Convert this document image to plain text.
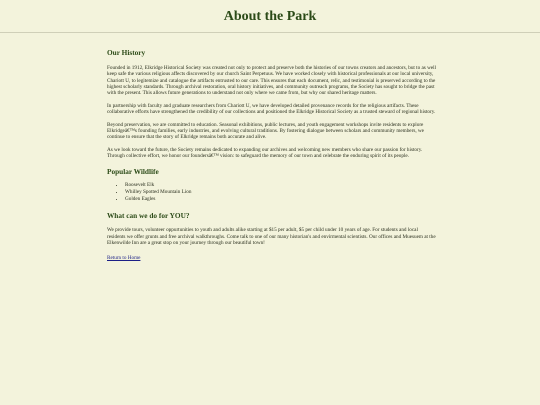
About the Park
Our History

Founded in 1912, Elkridge Historical Society was created not only to protect and preserve both the histories of our towns creators and ancestors, but to as well keep safe the various religious affects discovered by our church Saint Perpetuus. We have worked closely with historical professionals at our local university, Chariott U, to legitemize and catalogue the artifacts entrusted to our care. This ensures that each document, relic, and testimonial is preserved according to the highest scholarly standards. Through archival restoration, oral history initiatives, and community outreach programs, the Society has sought to bridge the past with the present. This allows future generations to understand not only where we came from, but why our shared heritage matters.

In partnership with faculty and graduate researchers from Chariott U, we have developed detailed provenance records for the religious artifacts. These collaborative efforts have strengthened the credibility of our collections and positioned the Elkridge Historical Society as a trusted steward of regional history.

Beyond preservation, we are committed to education. Seasonal exhibitions, public lectures, and youth engagement workshops invite residents to explore Elkridgeâ€™s founding families, early industries, and evolving cultural traditions. By fostering dialogue between scholars and community members, we continue to ensure that the story of Elkridge remains both accurate and alive.

As we look toward the future, the Society remains dedicated to expanding our archives and welcoming new members who share our passion for history. Through collective effort, we honor our foundersâ€™ vision: to safeguard the memory of our town and celebrate the enduring spirit of its people.

Popular Wildlife
• Roosevelt Elk
• Whilley Spotted Mountain Lion
• Golden Eagles
What can we do for YOU?

We provide tours, volunteer oppurtunities to youth and adults alike starting at $15 per adult, $5 per child under 10 years of age. For students and local residents we offer grunts and free archival walkthroughs. Come talk to one of our many historian's and envirmental scientists. Our offices and Muesuem at the Elkenwilde Inn are a great stop on your journey through our beautiful town!

Return to Home
